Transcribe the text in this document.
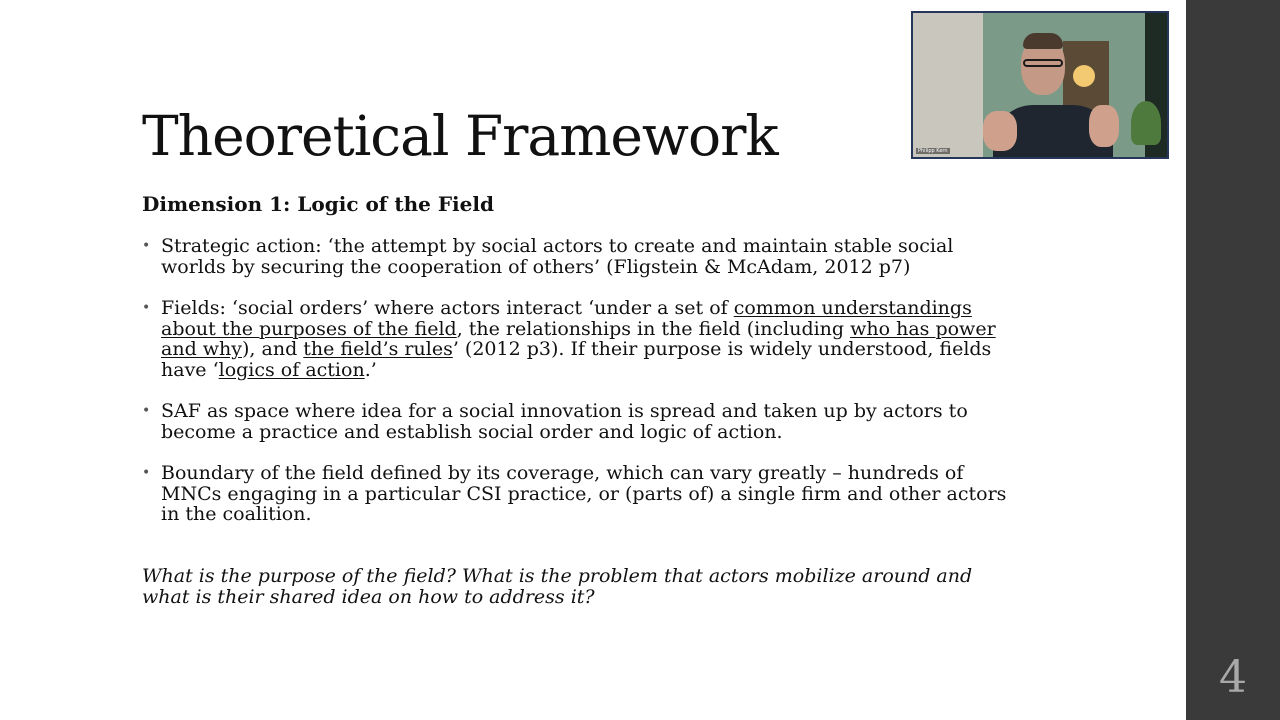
Theoretical Framework
Dimension 1: Logic of the Field
• Strategic action: ‘the attempt by social actors to create and maintain stable social worlds by securing the cooperation of others’ (Fligstein & McAdam, 2012 p7)
• Fields: ‘social orders’ where actors interact ‘under a set of common understandings about the purposes of the field, the relationships in the field (including who has power and why), and the field’s rules’ (2012 p3). If their purpose is widely understood, fields have ‘logics of action.’
• SAF as space where idea for a social innovation is spread and taken up by actors to become a practice and establish social order and logic of action.
• Boundary of the field defined by its coverage, which can vary greatly – hundreds of MNCs engaging in a particular CSI practice, or (parts of) a single firm and other actors in the coalition.

What is the purpose of the field? What is the problem that actors mobilize around and what is their shared idea on how to address it?

4
Philipp Kern
